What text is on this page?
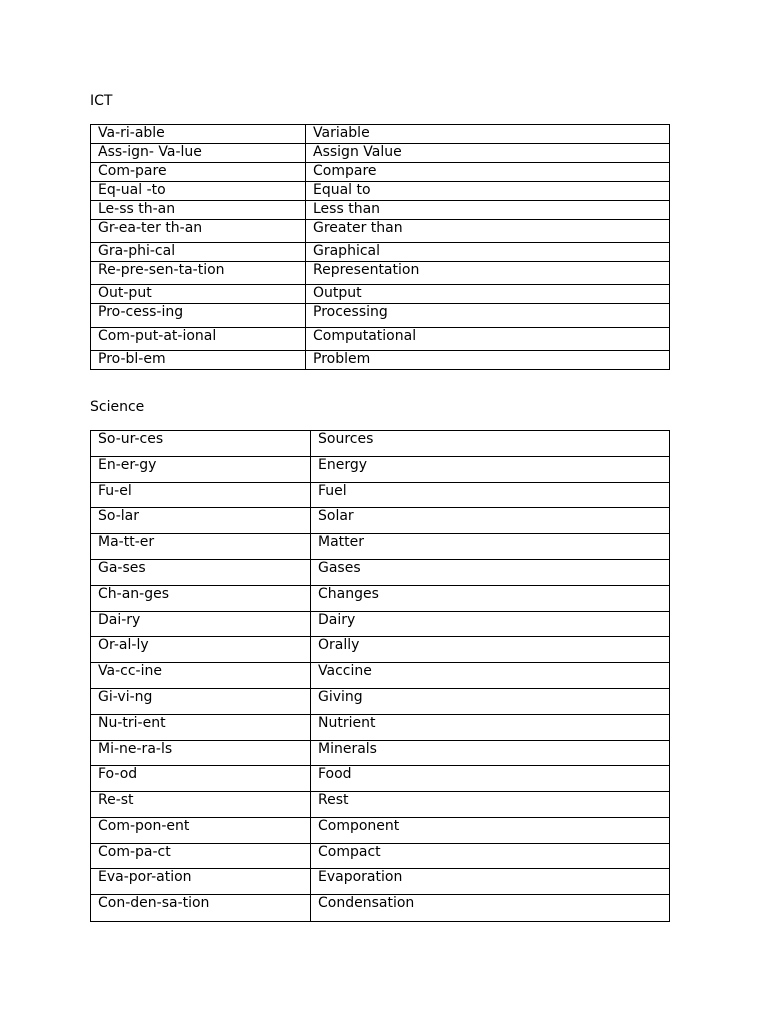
ICT
Va-ri-able	Variable
Ass-ign- Va-lue	Assign Value
Com-pare	Compare
Eq-ual -to	Equal to
Le-ss th-an	Less than
Gr-ea-ter th-an	Greater than
Gra-phi-cal	Graphical
Re-pre-sen-ta-tion	Representation
Out-put	Output
Pro-cess-ing	Processing
Com-put-at-ional	Computational
Pro-bl-em	Problem
Science
So-ur-ces	Sources
En-er-gy	Energy
Fu-el	Fuel
So-lar	Solar
Ma-tt-er	Matter
Ga-ses	Gases
Ch-an-ges	Changes
Dai-ry	Dairy
Or-al-ly	Orally
Va-cc-ine	Vaccine
Gi-vi-ng	Giving
Nu-tri-ent	Nutrient
Mi-ne-ra-ls	Minerals
Fo-od	Food
Re-st	Rest
Com-pon-ent	Component
Com-pa-ct	Compact
Eva-por-ation	Evaporation
Con-den-sa-tion	Condensation
